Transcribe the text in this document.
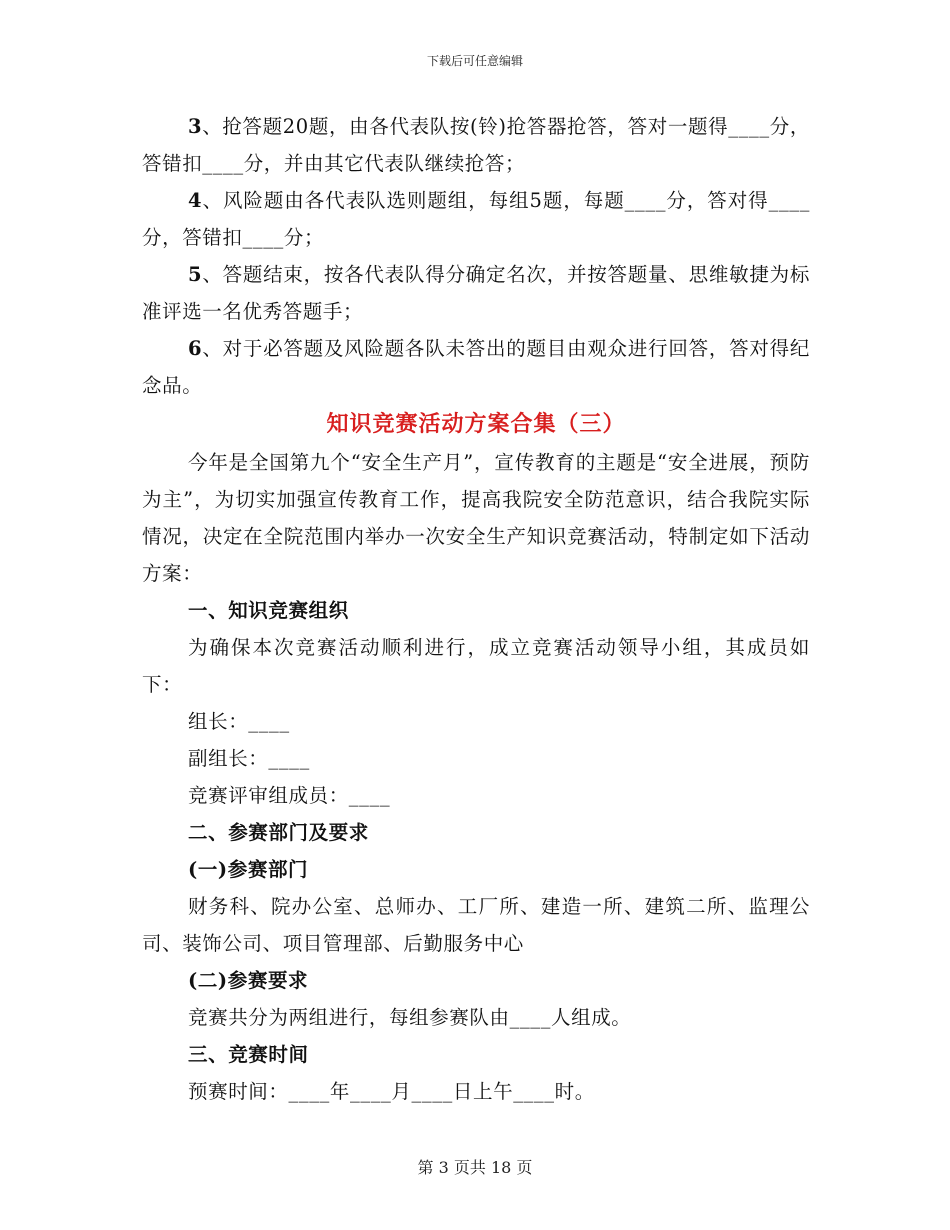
下载后可任意编辑

3、抢答题20题，由各代表队按(铃)抢答器抢答，答对一题得____分，答错扣____分，并由其它代表队继续抢答；

4、风险题由各代表队选则题组，每组5题，每题____分，答对得____分，答错扣____分；

5、答题结束，按各代表队得分确定名次，并按答题量、思维敏捷为标准评选一名优秀答题手；

6、对于必答题及风险题各队未答出的题目由观众进行回答，答对得纪念品。

知识竞赛活动方案合集（三）

今年是全国第九个“安全生产月”，宣传教育的主题是“安全进展，预防为主”，为切实加强宣传教育工作，提高我院安全防范意识，结合我院实际情况，决定在全院范围内举办一次安全生产知识竞赛活动，特制定如下活动方案：

一、知识竞赛组织

为确保本次竞赛活动顺利进行，成立竞赛活动领导小组，其成员如下：

组长：____

副组长：____

竞赛评审组成员：____

二、参赛部门及要求

(一)参赛部门

财务科、院办公室、总师办、工厂所、建造一所、建筑二所、监理公司、装饰公司、项目管理部、后勤服务中心

(二)参赛要求

竞赛共分为两组进行，每组参赛队由____人组成。

三、竞赛时间

预赛时间：____年____月____日上午____时。

第 3 页共 18 页
